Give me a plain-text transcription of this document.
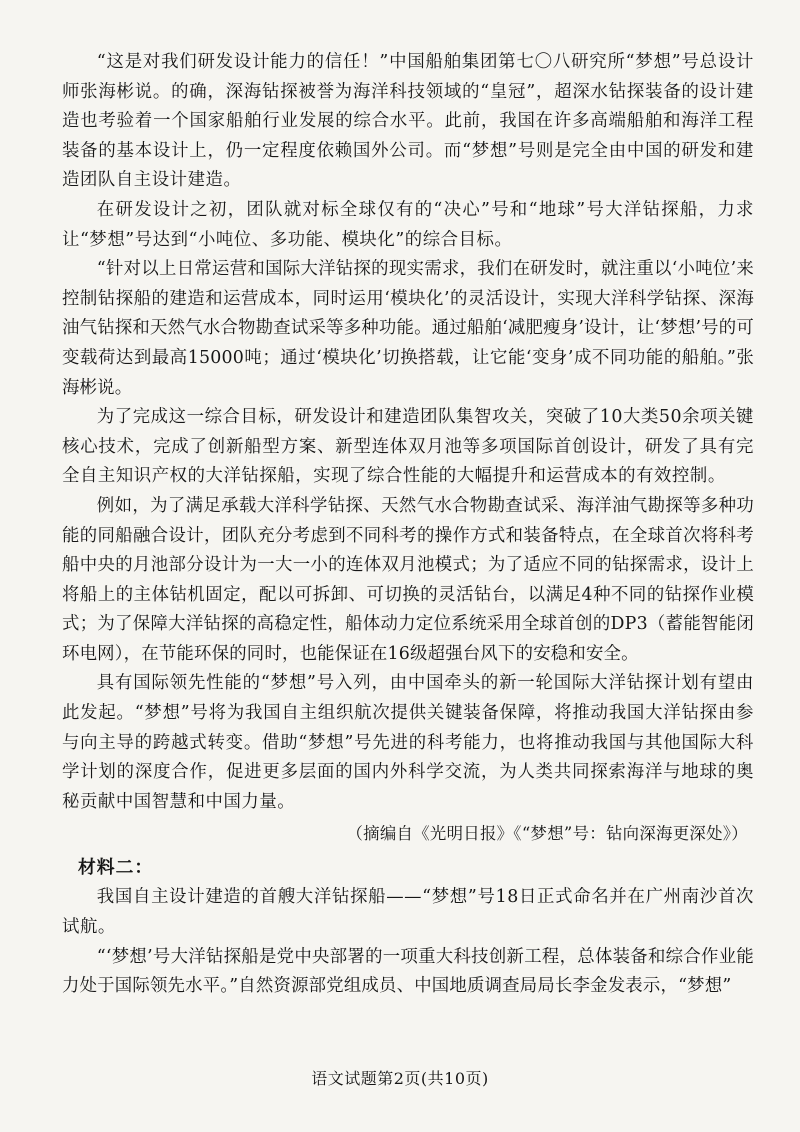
“这是对我们研发设计能力的信任！”中国船舶集团第七〇八研究所“梦想”号总设计师张海彬说。的确，深海钻探被誉为海洋科技领域的“皇冠”，超深水钻探装备的设计建造也考验着一个国家船舶行业发展的综合水平。此前，我国在许多高端船舶和海洋工程装备的基本设计上，仍一定程度依赖国外公司。而“梦想”号则是完全由中国的研发和建造团队自主设计建造。

在研发设计之初，团队就对标全球仅有的“决心”号和“地球”号大洋钻探船，力求让“梦想”号达到“小吨位、多功能、模块化”的综合目标。

“针对以上日常运营和国际大洋钻探的现实需求，我们在研发时，就注重以‘小吨位’来控制钻探船的建造和运营成本，同时运用‘模块化’的灵活设计，实现大洋科学钻探、深海油气钻探和天然气水合物勘查试采等多种功能。通过船舶‘减肥瘦身’设计，让‘梦想’号的可变载荷达到最高15000吨；通过‘模块化’切换搭载，让它能‘变身’成不同功能的船舶。”张海彬说。

为了完成这一综合目标，研发设计和建造团队集智攻关，突破了10大类50余项关键核心技术，完成了创新船型方案、新型连体双月池等多项国际首创设计，研发了具有完全自主知识产权的大洋钻探船，实现了综合性能的大幅提升和运营成本的有效控制。

例如，为了满足承载大洋科学钻探、天然气水合物勘查试采、海洋油气勘探等多种功能的同船融合设计，团队充分考虑到不同科考的操作方式和装备特点，在全球首次将科考船中央的月池部分设计为一大一小的连体双月池模式；为了适应不同的钻探需求，设计上将船上的主体钻机固定，配以可拆卸、可切换的灵活钻台，以满足4种不同的钻探作业模式；为了保障大洋钻探的高稳定性，船体动力定位系统采用全球首创的DP3（蓄能智能闭环电网），在节能环保的同时，也能保证在16级超强台风下的安稳和安全。

具有国际领先性能的“梦想”号入列，由中国牵头的新一轮国际大洋钻探计划有望由此发起。“梦想”号将为我国自主组织航次提供关键装备保障，将推动我国大洋钻探由参与向主导的跨越式转变。借助“梦想”号先进的科考能力，也将推动我国与其他国际大科学计划的深度合作，促进更多层面的国内外科学交流，为人类共同探索海洋与地球的奥秘贡献中国智慧和中国力量。

（摘编自《光明日报》《“梦想”号：钻向深海更深处》）
材料二：

我国自主设计建造的首艘大洋钻探船——“梦想”号18日正式命名并在广州南沙首次试航。

“‘梦想’号大洋钻探船是党中央部署的一项重大科技创新工程，总体装备和综合作业能力处于国际领先水平。”自然资源部党组成员、中国地质调查局局长李金发表示，“梦想”

语文试题第2页(共10页)
